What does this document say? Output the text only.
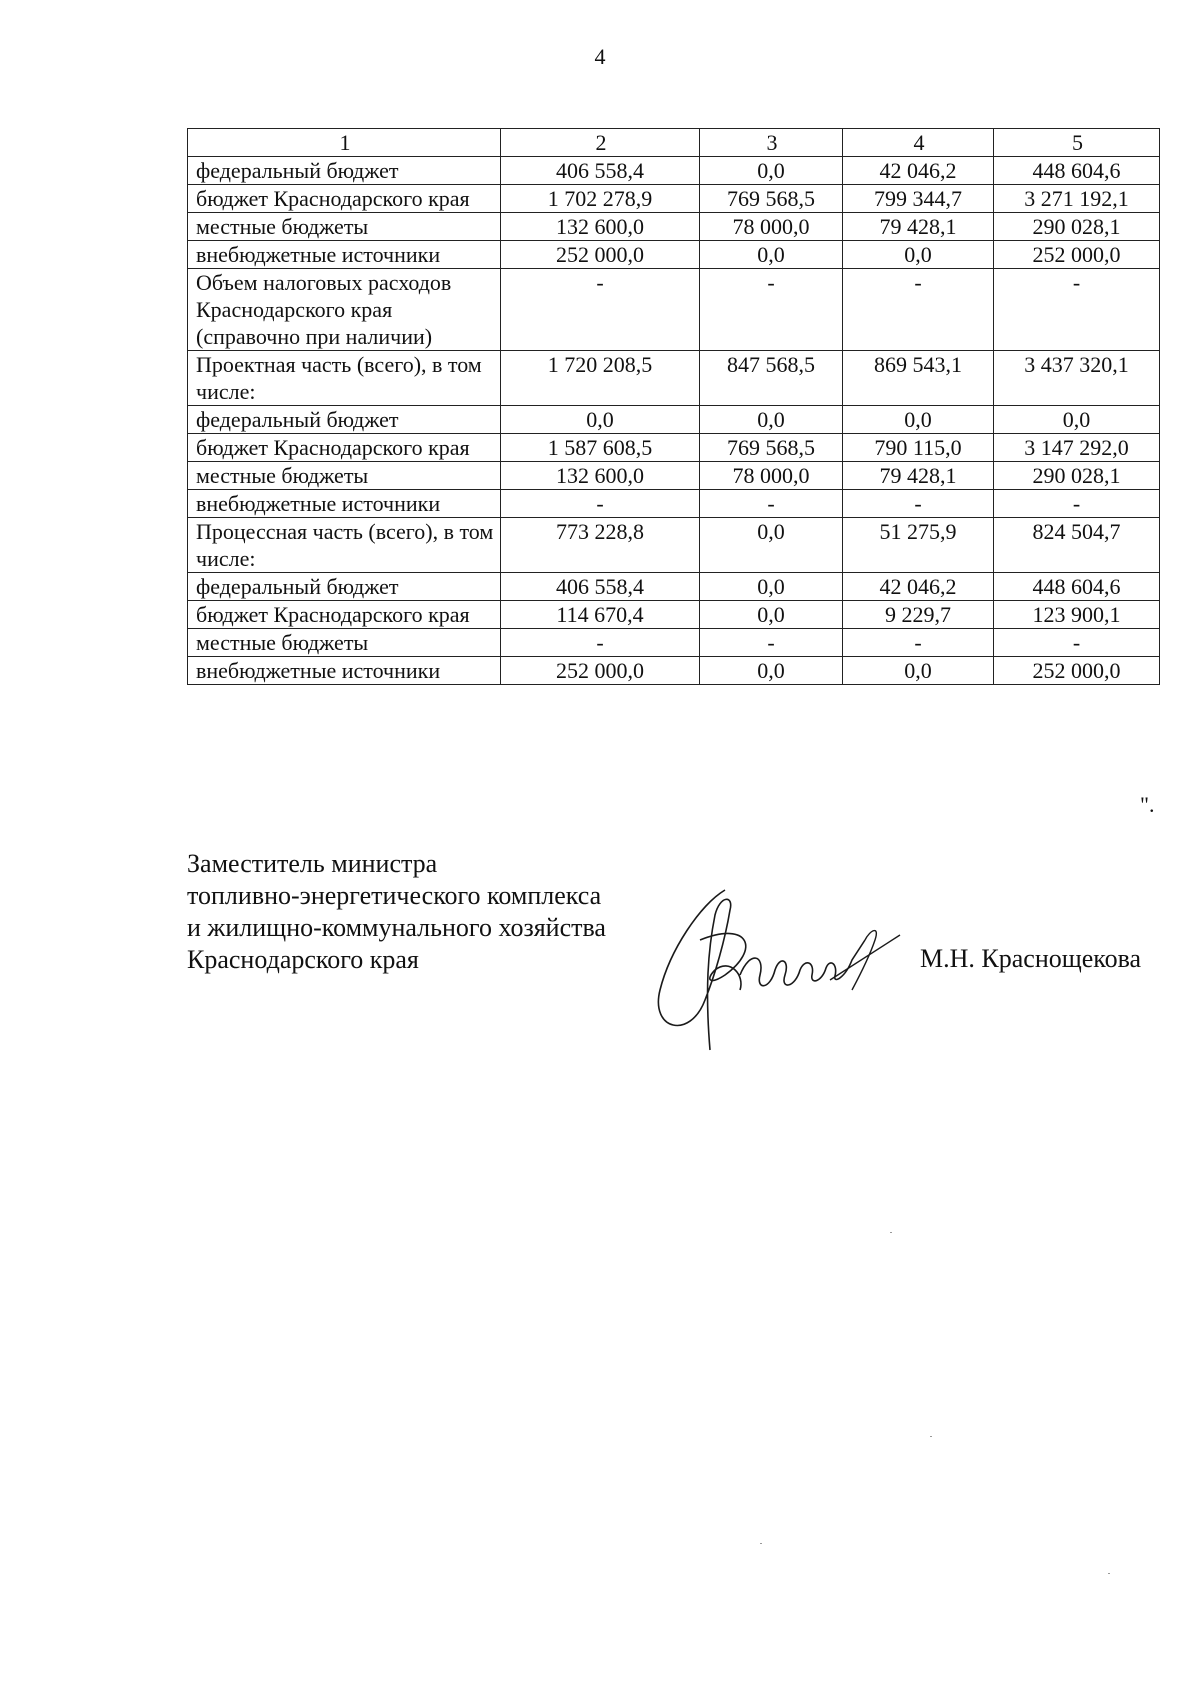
4
1	2	3	4	5
федеральный бюджет	406 558,4	0,0	42 046,2	448 604,6
бюджет Краснодарского края	1 702 278,9	769 568,5	799 344,7	3 271 192,1
местные бюджеты	132 600,0	78 000,0	79 428,1	290 028,1
внебюджетные источники	252 000,0	0,0	0,0	252 000,0
Объем налоговых расходов Краснодарского края (справочно при наличии)	-	-	-	-
Проектная часть (всего), в том числе:	1 720 208,5	847 568,5	869 543,1	3 437 320,1
федеральный бюджет	0,0	0,0	0,0	0,0
бюджет Краснодарского края	1 587 608,5	769 568,5	790 115,0	3 147 292,0
местные бюджеты	132 600,0	78 000,0	79 428,1	290 028,1
внебюджетные источники	-	-	-	-
Процессная часть (всего), в том числе:	773 228,8	0,0	51 275,9	824 504,7
федеральный бюджет	406 558,4	0,0	42 046,2	448 604,6
бюджет Краснодарского края	114 670,4	0,0	9 229,7	123 900,1
местные бюджеты	-	-	-	-
внебюджетные источники	252 000,0	0,0	0,0	252 000,0
".
Заместитель министра
топливно-энергетического комплекса
и жилищно-коммунального хозяйства
Краснодарского края	М.Н. Краснощекова
